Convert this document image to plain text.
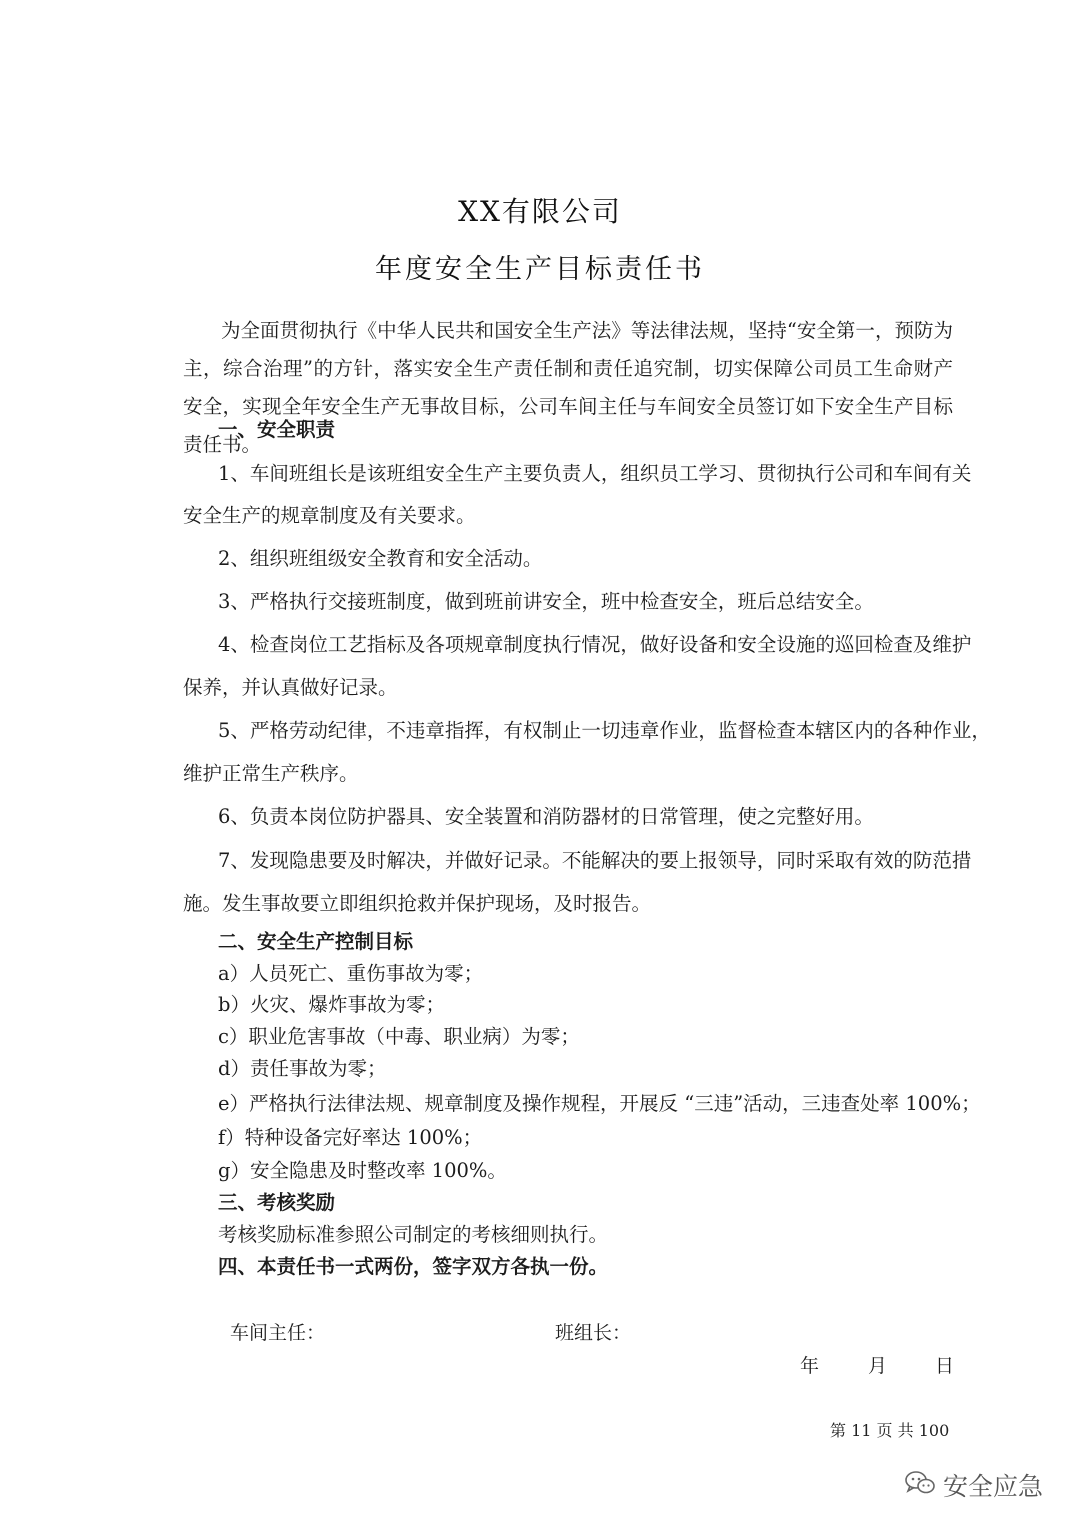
XX有限公司
年度安全生产目标责任书
为全面贯彻执行《中华人民共和国安全生产法》等法律法规，坚持“安全第一，预防为主，综合治理”的方针，落实安全生产责任制和责任追究制，切实保障公司员工生命财产安全，实现全年安全生产无事故目标，公司车间主任与车间安全员签订如下安全生产目标责任书。
一、安全职责
1、车间班组长是该班组安全生产主要负责人，组织员工学习、贯彻执行公司和车间有关
安全生产的规章制度及有关要求。
2、组织班组级安全教育和安全活动。
3、严格执行交接班制度，做到班前讲安全，班中检查安全，班后总结安全。
4、检查岗位工艺指标及各项规章制度执行情况，做好设备和安全设施的巡回检查及维护
保养，并认真做好记录。
5、严格劳动纪律，不违章指挥，有权制止一切违章作业，监督检查本辖区内的各种作业，
维护正常生产秩序。
6、负责本岗位防护器具、安全装置和消防器材的日常管理，使之完整好用。
7、发现隐患要及时解决，并做好记录。不能解决的要上报领导，同时采取有效的防范措
施。发生事故要立即组织抢救并保护现场，及时报告。
二、安全生产控制目标
a）人员死亡、重伤事故为零；
b）火灾、爆炸事故为零；
c）职业危害事故（中毒、职业病）为零；
d）责任事故为零；
e）严格执行法律法规、规章制度及操作规程，开展反 “三违”活动，三违查处率 100%；
f）特种设备完好率达 100%；
g）安全隐患及时整改率 100%。
三、考核奖励
考核奖励标准参照公司制定的考核细则执行。
四、本责任书一式两份，签字双方各执一份。
车间主任：	班组长：
年	月	日
第 11 页 共 100
安全应急
